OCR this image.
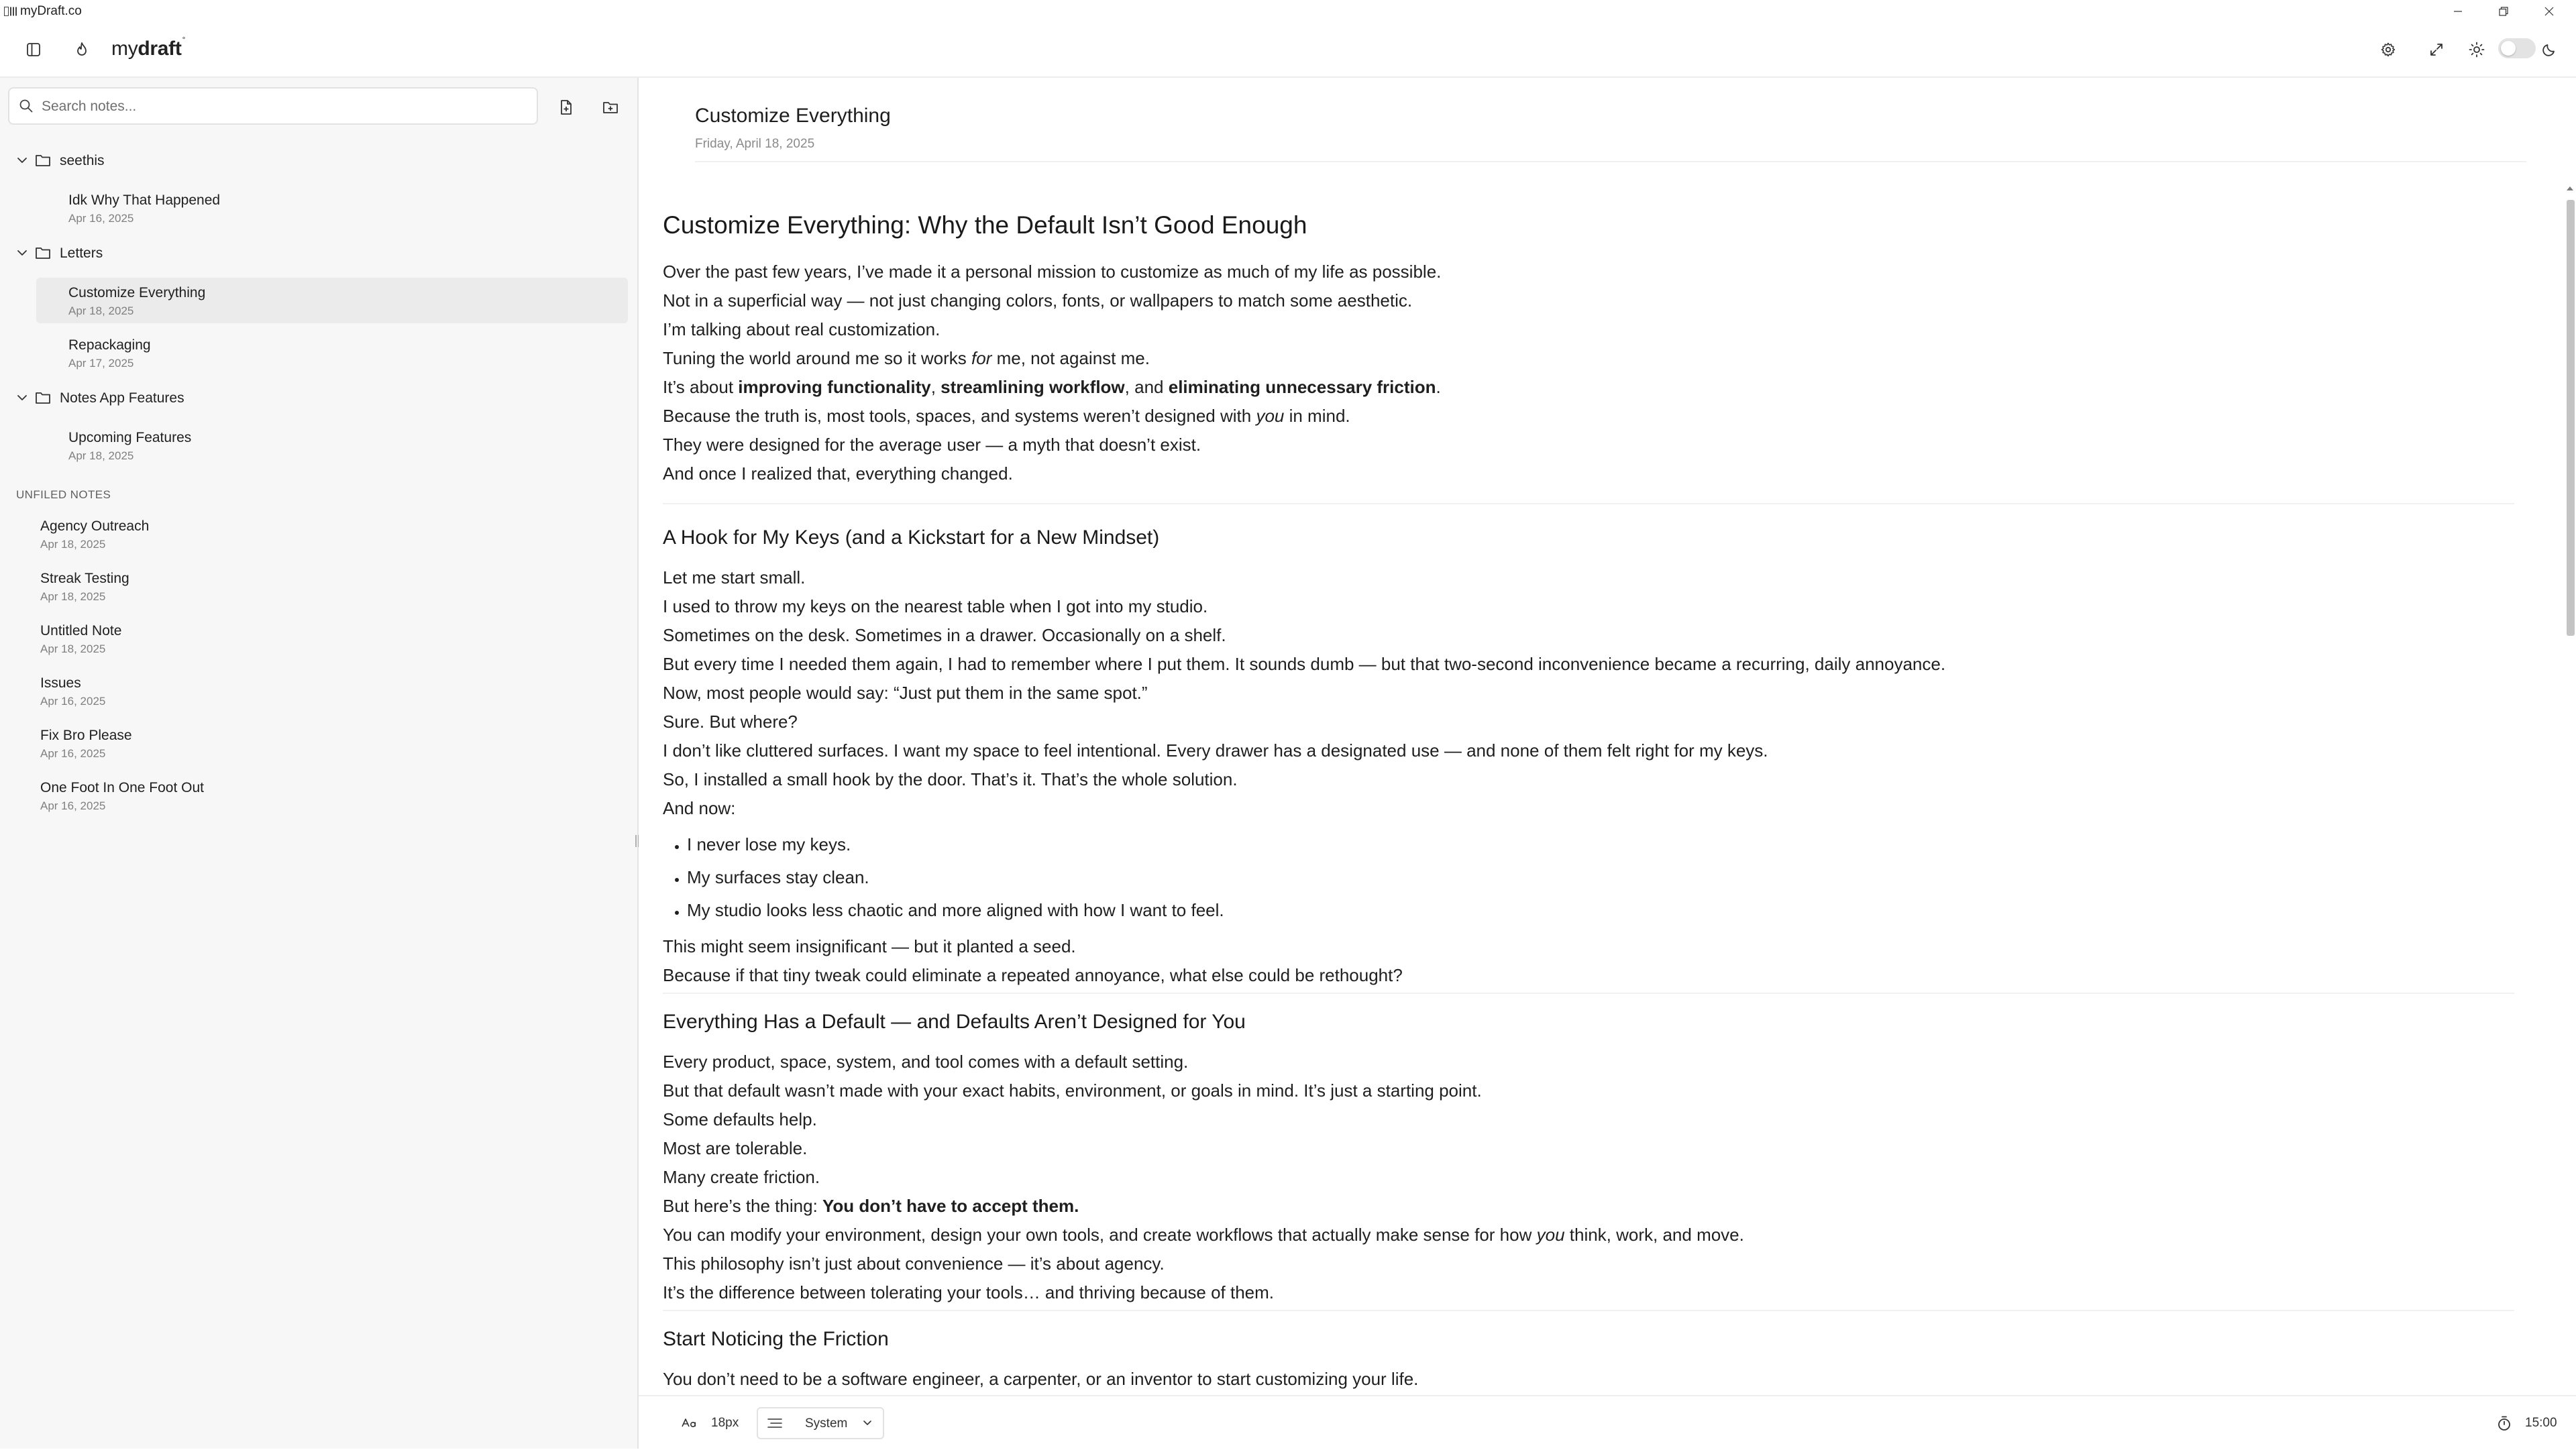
myDraft.co
mydraft°
Search notes...
seethis
Idk Why That Happened
Apr 16, 2025
Letters
Customize Everything
Apr 18, 2025
Repackaging
Apr 17, 2025
Notes App Features
Upcoming Features
Apr 18, 2025
UNFILED NOTES
Agency Outreach
Apr 18, 2025
Streak Testing
Apr 18, 2025
Untitled Note
Apr 18, 2025
Issues
Apr 16, 2025
Fix Bro Please
Apr 16, 2025
One Foot In One Foot Out
Apr 16, 2025
Customize Everything
Friday, April 18, 2025
Customize Everything: Why the Default Isn’t Good Enough

Over the past few years, I’ve made it a personal mission to customize as much of my life as possible.

Not in a superficial way — not just changing colors, fonts, or wallpapers to match some aesthetic.

I’m talking about real customization.

Tuning the world around me so it works for me, not against me.

It’s about improving functionality, streamlining workflow, and eliminating unnecessary friction.

Because the truth is, most tools, spaces, and systems weren’t designed with you in mind.

They were designed for the average user — a myth that doesn’t exist.

And once I realized that, everything changed.

A Hook for My Keys (and a Kickstart for a New Mindset)

Let me start small.

I used to throw my keys on the nearest table when I got into my studio.

Sometimes on the desk. Sometimes in a drawer. Occasionally on a shelf.

But every time I needed them again, I had to remember where I put them. It sounds dumb — but that two-second inconvenience became a recurring, daily annoyance.

Now, most people would say: “Just put them in the same spot.”

Sure. But where?

I don’t like cluttered surfaces. I want my space to feel intentional. Every drawer has a designated use — and none of them felt right for my keys.

So, I installed a small hook by the door. That’s it. That’s the whole solution.

And now:

• I never lose my keys.
• My surfaces stay clean.
• My studio looks less chaotic and more aligned with how I want to feel.

This might seem insignificant — but it planted a seed.

Because if that tiny tweak could eliminate a repeated annoyance, what else could be rethought?

Everything Has a Default — and Defaults Aren’t Designed for You

Every product, space, system, and tool comes with a default setting.

But that default wasn’t made with your exact habits, environment, or goals in mind. It’s just a starting point.

Some defaults help.

Most are tolerable.

Many create friction.

But here’s the thing: You don’t have to accept them.

You can modify your environment, design your own tools, and create workflows that actually make sense for how you think, work, and move.

This philosophy isn’t just about convenience — it’s about agency.

It’s the difference between tolerating your tools… and thriving because of them.

Start Noticing the Friction

You don’t need to be a software engineer, a carpenter, or an inventor to start customizing your life.

18px	System	15:00
